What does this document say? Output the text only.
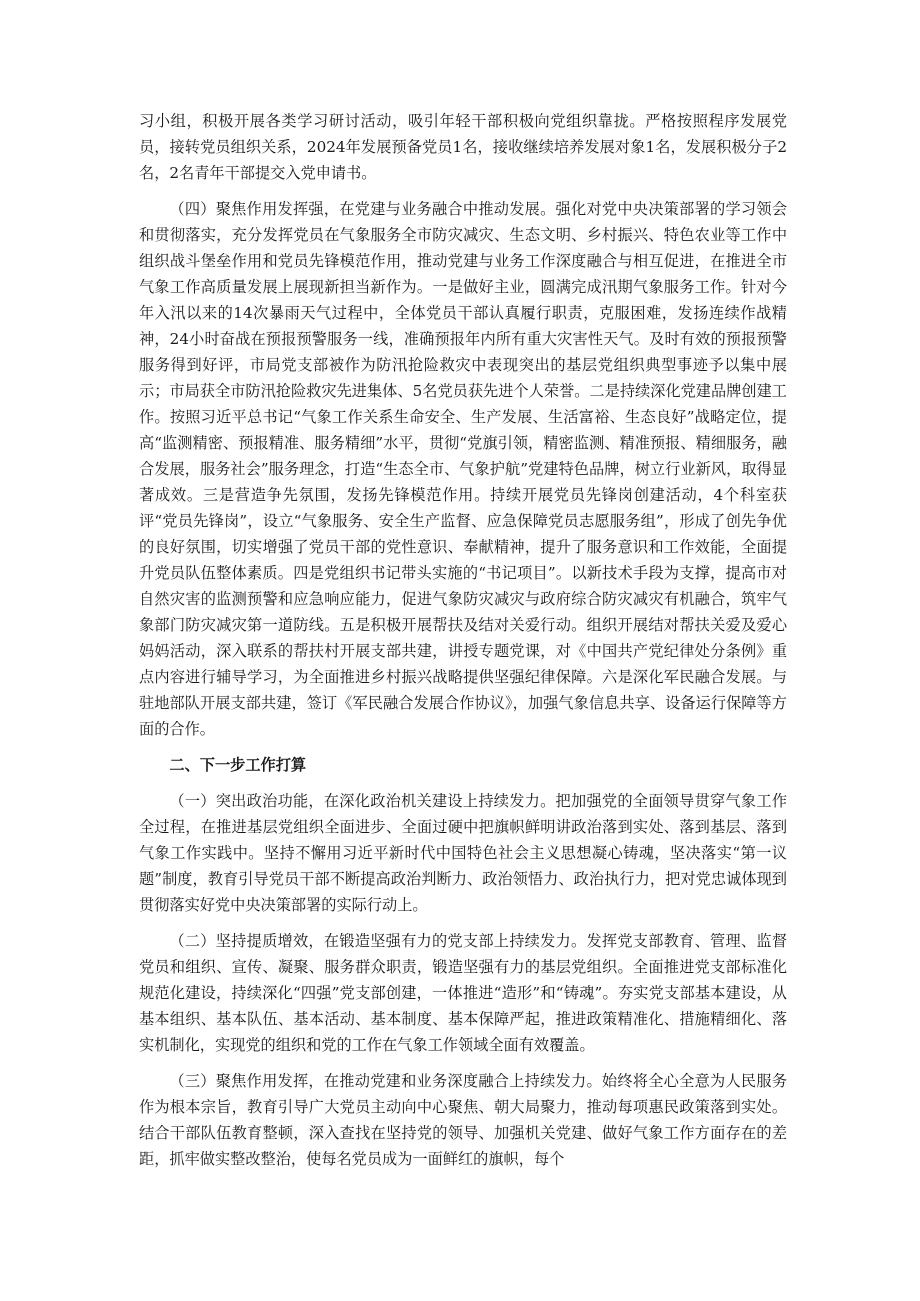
习小组，积极开展各类学习研讨活动，吸引年轻干部积极向党组织靠拢。严格按照程序发展党员，接转党员组织关系，2024年发展预备党员1名，接收继续培养发展对象1名，发展积极分子2名，2名青年干部提交入党申请书。

（四）聚焦作用发挥强，在党建与业务融合中推动发展。强化对党中央决策部署的学习领会和贯彻落实，充分发挥党员在气象服务全市防灾减灾、生态文明、乡村振兴、特色农业等工作中组织战斗堡垒作用和党员先锋模范作用，推动党建与业务工作深度融合与相互促进，在推进全市气象工作高质量发展上展现新担当新作为。一是做好主业，圆满完成汛期气象服务工作。针对今年入汛以来的14次暴雨天气过程中，全体党员干部认真履行职责，克服困难，发扬连续作战精神，24小时奋战在预报预警服务一线，准确预报年内所有重大灾害性天气。及时有效的预报预警服务得到好评，市局党支部被作为防汛抢险救灾中表现突出的基层党组织典型事迹予以集中展示；市局获全市防汛抢险救灾先进集体、5名党员获先进个人荣誉。二是持续深化党建品牌创建工作。按照习近平总书记“气象工作关系生命安全、生产发展、生活富裕、生态良好”战略定位，提高“监测精密、预报精准、服务精细”水平，贯彻“党旗引领，精密监测、精准预报、精细服务，融合发展，服务社会”服务理念，打造“生态全市、气象护航”党建特色品牌，树立行业新风，取得显著成效。三是营造争先氛围，发扬先锋模范作用。持续开展党员先锋岗创建活动，4个科室获评“党员先锋岗”，设立“气象服务、安全生产监督、应急保障党员志愿服务组”，形成了创先争优的良好氛围，切实增强了党员干部的党性意识、奉献精神，提升了服务意识和工作效能，全面提升党员队伍整体素质。四是党组织书记带头实施的“书记项目”。以新技术手段为支撑，提高市对自然灾害的监测预警和应急响应能力，促进气象防灾减灾与政府综合防灾减灾有机融合，筑牢气象部门防灾减灾第一道防线。五是积极开展帮扶及结对关爱行动。组织开展结对帮扶关爱及爱心妈妈活动，深入联系的帮扶村开展支部共建，讲授专题党课，对《中国共产党纪律处分条例》重点内容进行辅导学习，为全面推进乡村振兴战略提供坚强纪律保障。六是深化军民融合发展。与驻地部队开展支部共建，签订《军民融合发展合作协议》，加强气象信息共享、设备运行保障等方面的合作。

二、下一步工作打算

（一）突出政治功能，在深化政治机关建设上持续发力。把加强党的全面领导贯穿气象工作全过程，在推进基层党组织全面进步、全面过硬中把旗帜鲜明讲政治落到实处、落到基层、落到气象工作实践中。坚持不懈用习近平新时代中国特色社会主义思想凝心铸魂，坚决落实“第一议题”制度，教育引导党员干部不断提高政治判断力、政治领悟力、政治执行力，把对党忠诚体现到贯彻落实好党中央决策部署的实际行动上。

（二）坚持提质增效，在锻造坚强有力的党支部上持续发力。发挥党支部教育、管理、监督党员和组织、宣传、凝聚、服务群众职责，锻造坚强有力的基层党组织。全面推进党支部标准化规范化建设，持续深化“四强”党支部创建，一体推进“造形”和“铸魂”。夯实党支部基本建设，从基本组织、基本队伍、基本活动、基本制度、基本保障严起，推进政策精准化、措施精细化、落实机制化，实现党的组织和党的工作在气象工作领域全面有效覆盖。

（三）聚焦作用发挥，在推动党建和业务深度融合上持续发力。始终将全心全意为人民服务作为根本宗旨，教育引导广大党员主动向中心聚焦、朝大局聚力，推动每项惠民政策落到实处。结合干部队伍教育整顿，深入查找在坚持党的领导、加强机关党建、做好气象工作方面存在的差距，抓牢做实整改整治，使每名党员成为一面鲜红的旗帜，每个
